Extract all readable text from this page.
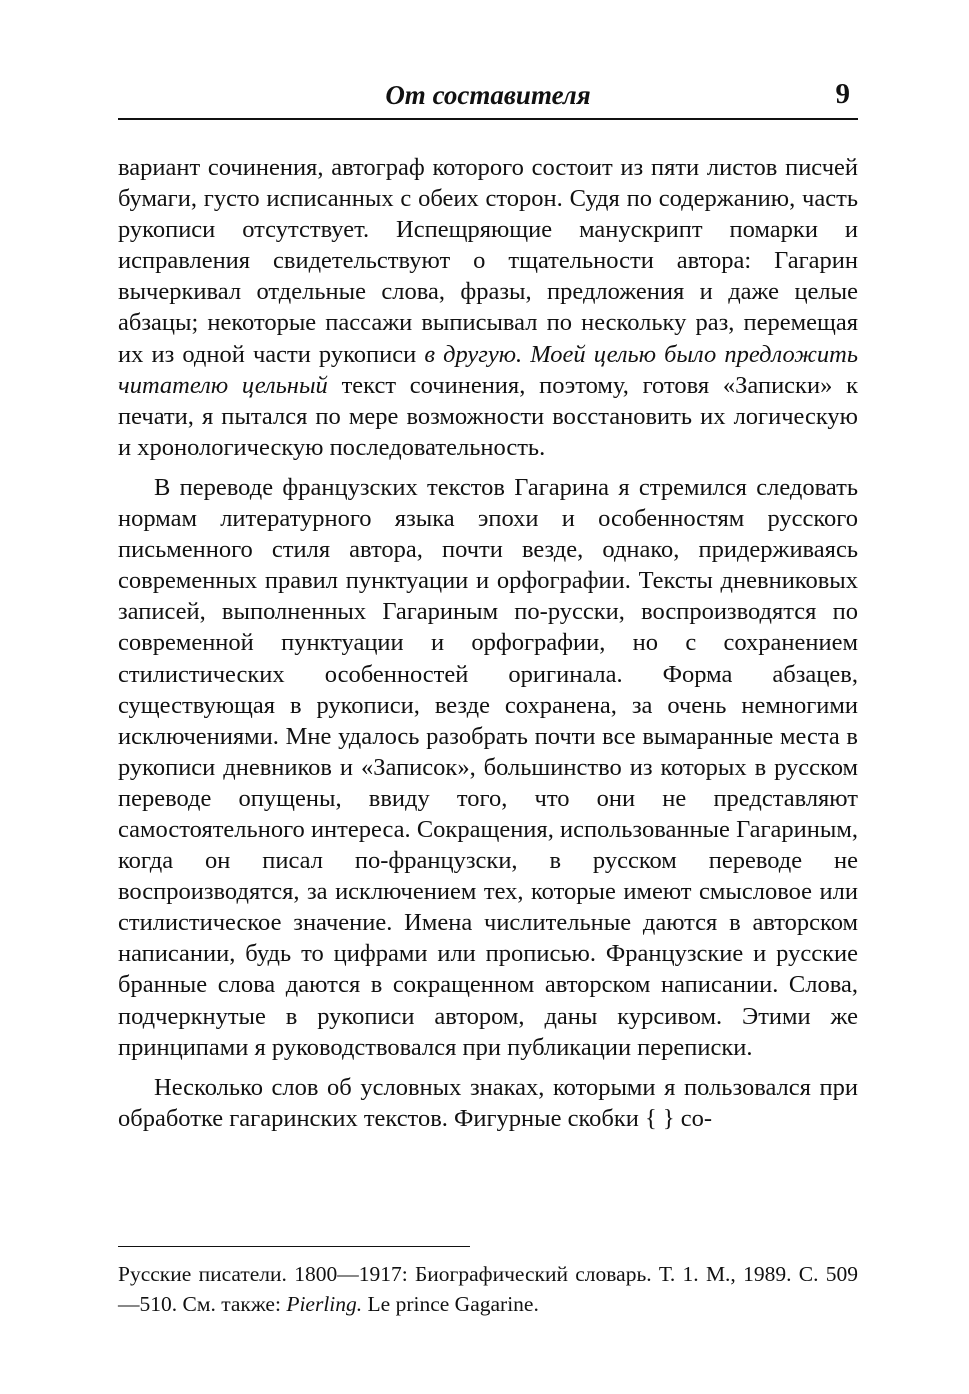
От составителя	9

вариант сочинения, автограф которого состоит из пяти листов писчей бумаги, густо исписанных с обеих сторон. Судя по содержанию, часть рукописи отсутствует. Испещряющие манускрипт помарки и исправления свидетельствуют о тщательности автора: Гагарин вычеркивал отдельные слова, фразы, предложения и даже целые абзацы; некоторые пассажи выписывал по нескольку раз, перемещая их из одной части рукописи в другую. Моей целью было предложить читателю цельный текст сочинения, поэтому, готовя «Записки» к печати, я пытался по мере возможности восстановить их логическую и хронологическую последовательность.

В переводе французских текстов Гагарина я стремился следовать нормам литературного языка эпохи и особенностям русского письменного стиля автора, почти везде, однако, придерживаясь современных правил пунктуации и орфографии. Тексты дневниковых записей, выполненных Гагариным по-русски, воспроизводятся по современной пунктуации и орфографии, но с сохранением стилистических особенностей оригинала. Форма абзацев, существующая в рукописи, везде сохранена, за очень немногими исключениями. Мне удалось разобрать почти все вымаранные места в рукописи дневников и «Записок», большинство из которых в русском переводе опущены, ввиду того, что они не представляют самостоятельного интереса. Сокращения, использованные Гагариным, когда он писал по-французски, в русском переводе не воспроизводятся, за исключением тех, которые имеют смысловое или стилистическое значение. Имена числительные даются в авторском написании, будь то цифрами или прописью. Французские и русские бранные слова даются в сокращенном авторском написании. Слова, подчеркнутые в рукописи автором, даны курсивом. Этими же принципами я руководствовался при публикации переписки.

Несколько слов об условных знаках, которыми я пользовался при обработке гагаринских текстов. Фигурные скобки { } со-

Русские писатели. 1800—1917: Биографический словарь. Т. 1. М., 1989. С. 509—510. См. также: Pierling. Le prince Gagarine.
